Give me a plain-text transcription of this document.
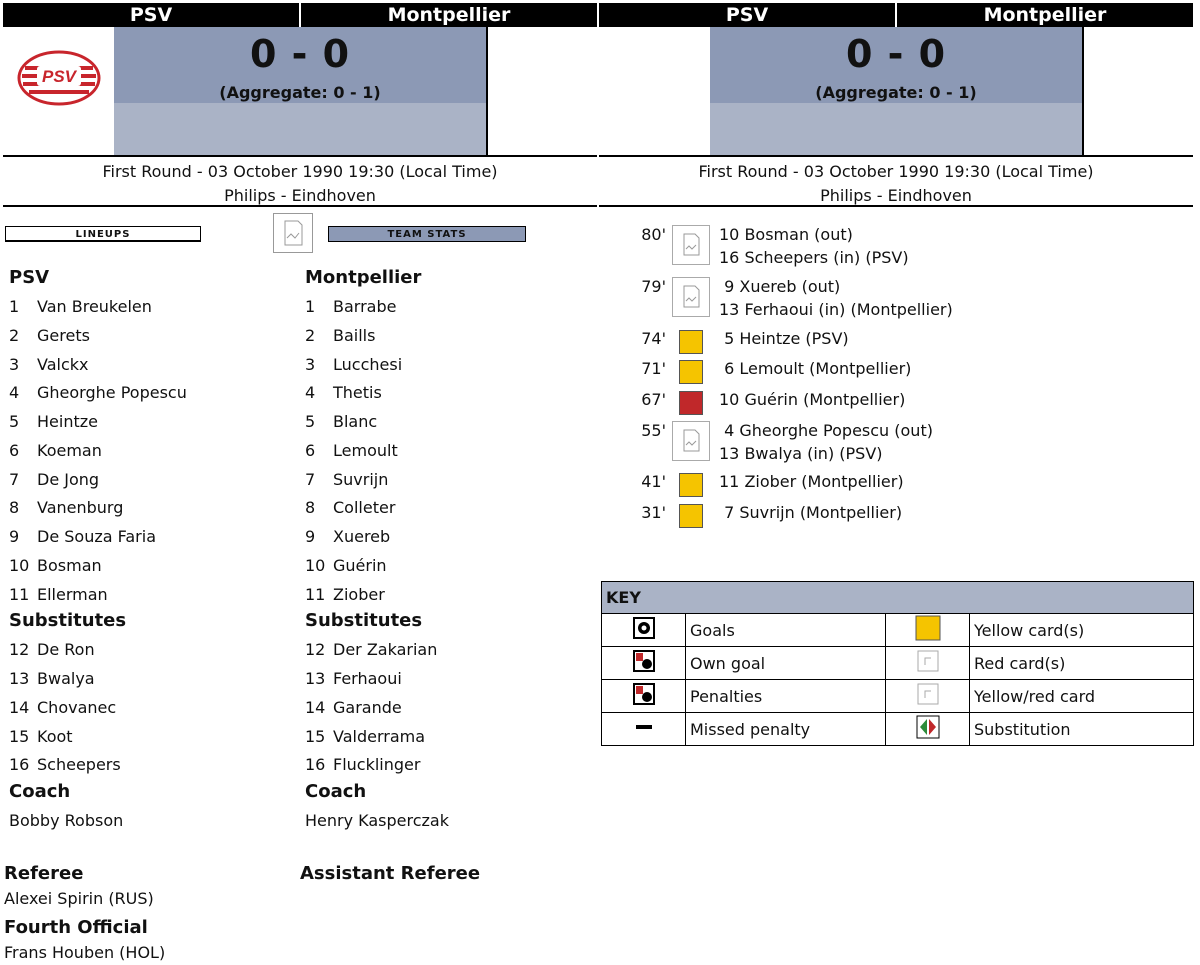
PSV	Montpellier
PSV
0 - 0
(Aggregate: 0 - 1)
First Round - 03 October 1990 19:30 (Local Time)
Philips - Eindhoven
LINEUPS	TEAM STATS
PSV
1 Van Breukelen
2 Gerets
3 Valckx
4 Gheorghe Popescu
5 Heintze
6 Koeman
7 De Jong
8 Vanenburg
9 De Souza Faria
10 Bosman
11 Ellerman
Substitutes
12 De Ron
13 Bwalya
14 Chovanec
15 Koot
16 Scheepers
Coach
Bobby Robson
Montpellier
1 Barrabe
2 Baills
3 Lucchesi
4 Thetis
5 Blanc
6 Lemoult
7 Suvrijn
8 Colleter
9 Xuereb
10 Guérin
11 Ziober
Substitutes
12 Der Zakarian
13 Ferhaoui
14 Garande
15 Valderrama
16 Flucklinger
Coach
Henry Kasperczak
Referee
Alexei Spirin (RUS)
Assistant Referee
Fourth Official
Frans Houben (HOL)
PSV	Montpellier
0 - 0
(Aggregate: 0 - 1)
First Round - 03 October 1990 19:30 (Local Time)
Philips - Eindhoven
80'	10 Bosman (out)
16 Scheepers (in) (PSV)
79'	9 Xuereb (out)
13 Ferhaoui (in) (Montpellier)
74'	5 Heintze (PSV)
71'	6 Lemoult (Montpellier)
67'	10 Guérin (Montpellier)
55'	4 Gheorghe Popescu (out)
13 Bwalya (in) (PSV)
41'	11 Ziober (Montpellier)
31'	7 Suvrijn (Montpellier)
KEY			
	Goals		Yellow card(s)
	Own goal		Red card(s)
	Penalties		Yellow/red card
	Missed penalty		Substitution
